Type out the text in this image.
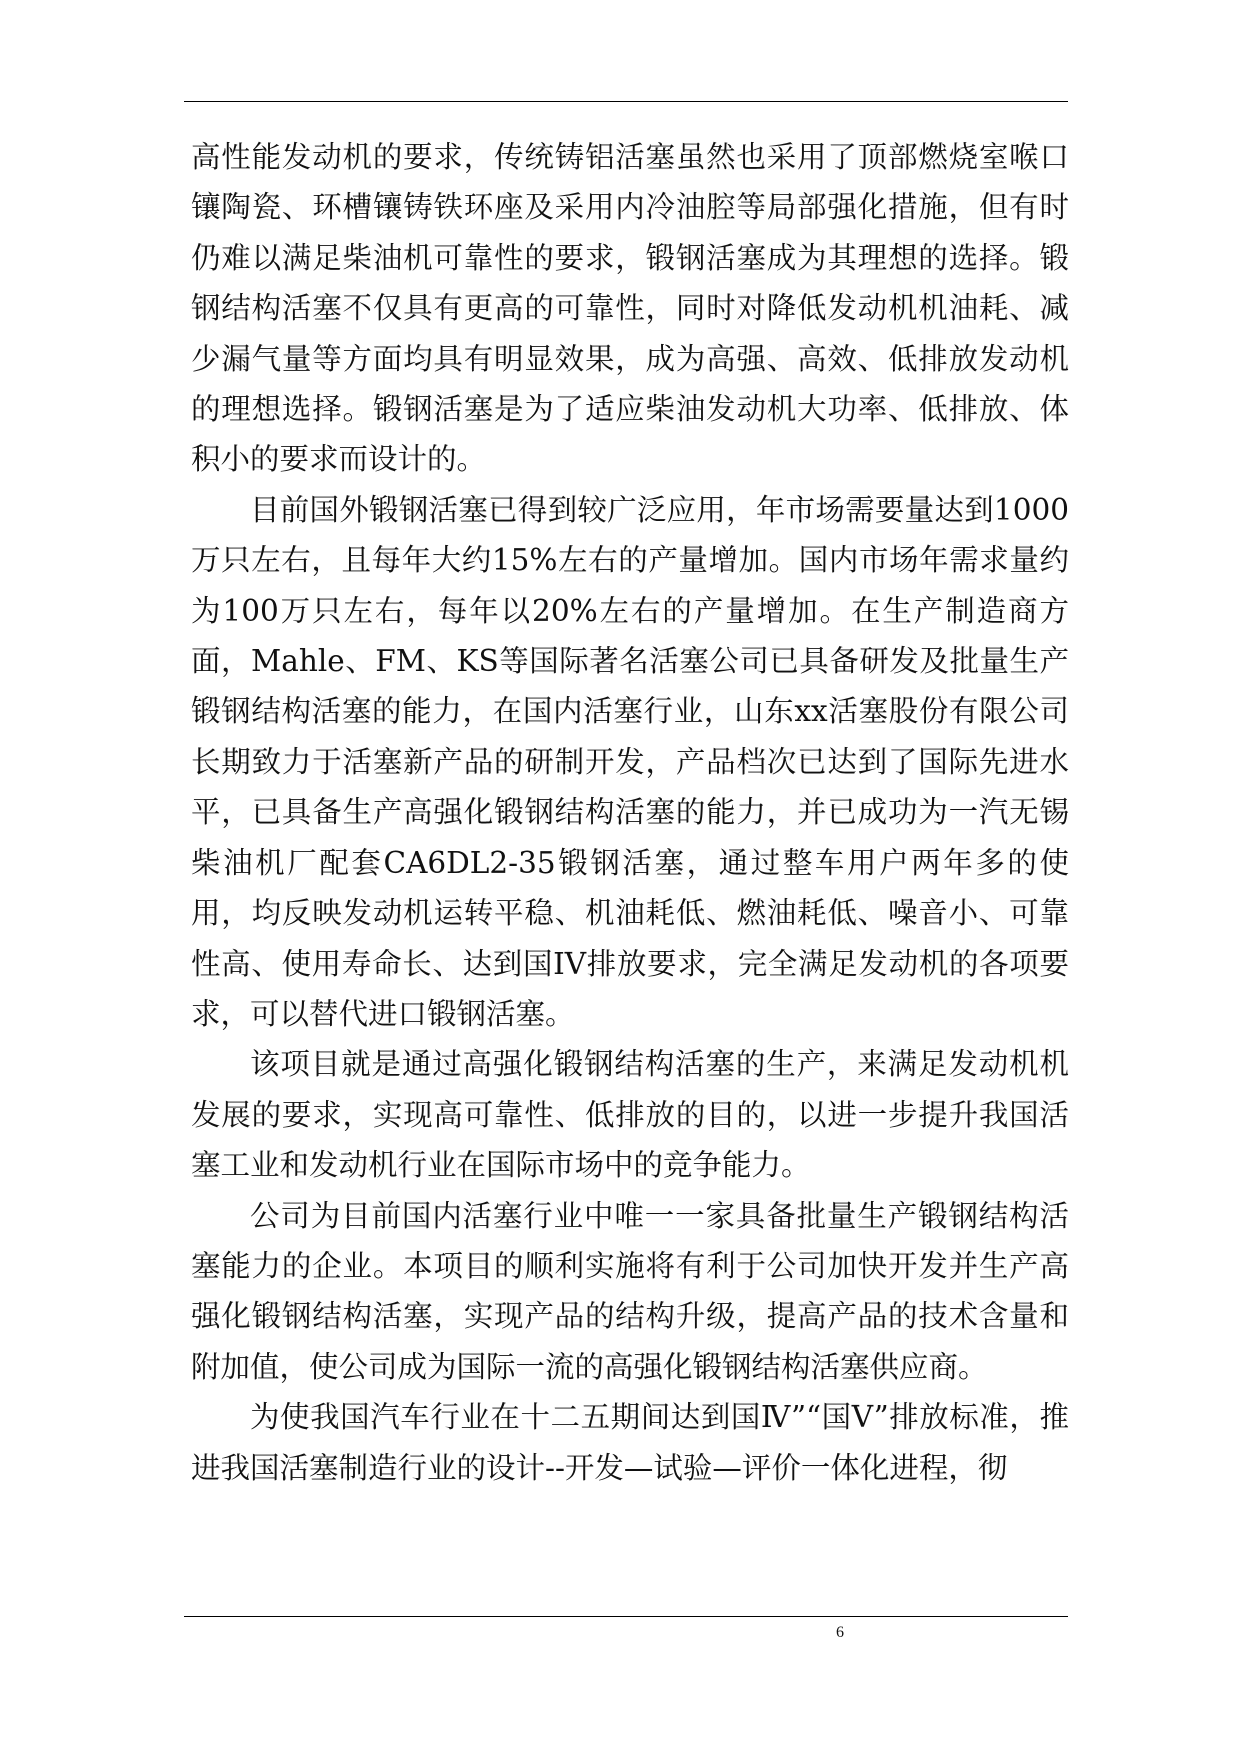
高性能发动机的要求，传统铸铝活塞虽然也采用了顶部燃烧室喉口镶陶瓷、环槽镶铸铁环座及采用内冷油腔等局部强化措施，但有时仍难以满足柴油机可靠性的要求，锻钢活塞成为其理想的选择。锻钢结构活塞不仅具有更高的可靠性，同时对降低发动机机油耗、减少漏气量等方面均具有明显效果，成为高强、高效、低排放发动机的理想选择。锻钢活塞是为了适应柴油发动机大功率、低排放、体积小的要求而设计的。

目前国外锻钢活塞已得到较广泛应用，年市场需要量达到1000万只左右，且每年大约15%左右的产量增加。国内市场年需求量约为100万只左右，每年以20%左右的产量增加。在生产制造商方面，Mahle、FM、KS等国际著名活塞公司已具备研发及批量生产锻钢结构活塞的能力，在国内活塞行业，山东xx活塞股份有限公司长期致力于活塞新产品的研制开发，产品档次已达到了国际先进水平，已具备生产高强化锻钢结构活塞的能力，并已成功为一汽无锡柴油机厂配套CA6DL2-35锻钢活塞，通过整车用户两年多的使用，均反映发动机运转平稳、机油耗低、燃油耗低、噪音小、可靠性高、使用寿命长、达到国IV排放要求，完全满足发动机的各项要求，可以替代进口锻钢活塞。

该项目就是通过高强化锻钢结构活塞的生产，来满足发动机机发展的要求，实现高可靠性、低排放的目的，以进一步提升我国活塞工业和发动机行业在国际市场中的竞争能力。

公司为目前国内活塞行业中唯一一家具备批量生产锻钢结构活塞能力的企业。本项目的顺利实施将有利于公司加快开发并生产高强化锻钢结构活塞，实现产品的结构升级，提高产品的技术含量和附加值，使公司成为国际一流的高强化锻钢结构活塞供应商。

为使我国汽车行业在十二五期间达到国Ⅳ”“国Ⅴ”排放标准，推进我国活塞制造行业的设计--开发—试验—评价一体化进程，彻

6
